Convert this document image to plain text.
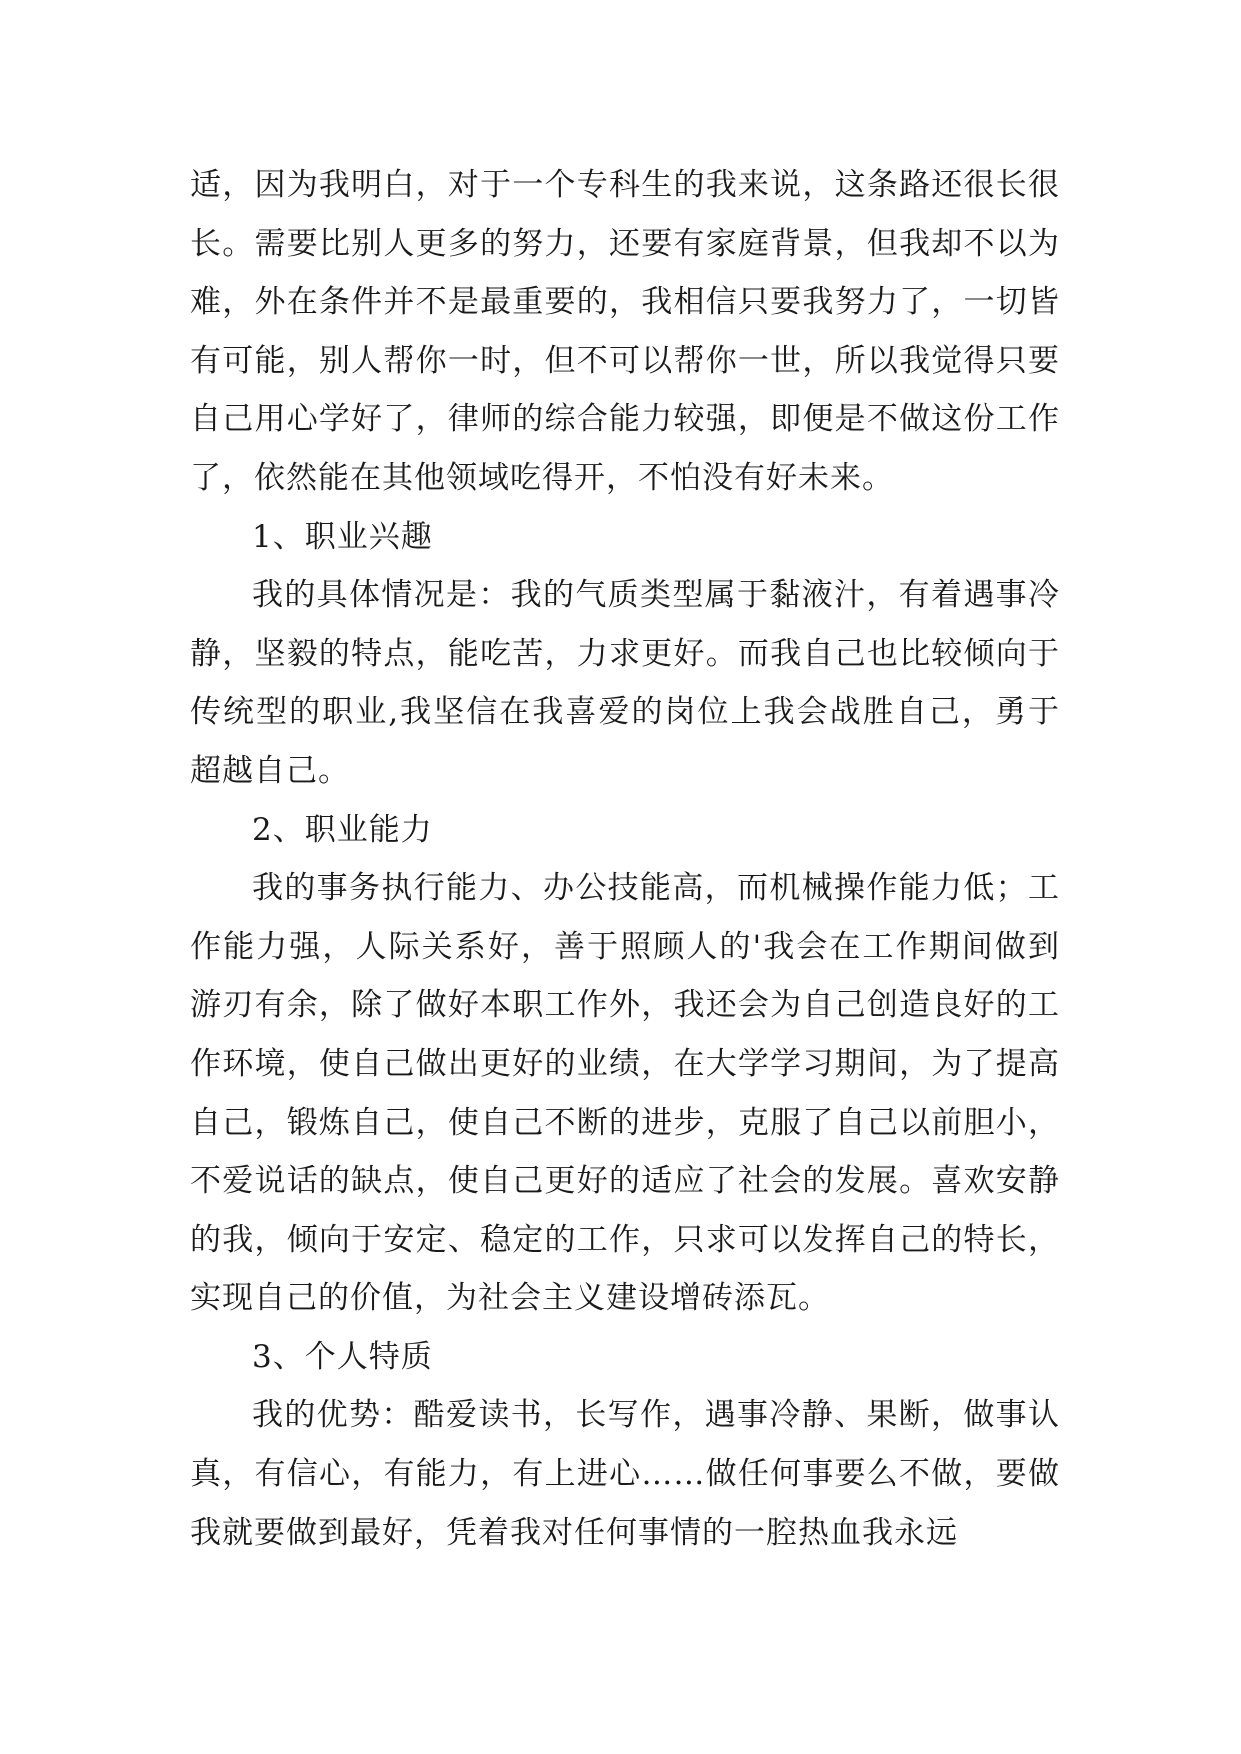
适，因为我明白，对于一个专科生的我来说，这条路还很长很长。需要比别人更多的努力，还要有家庭背景，但我却不以为难，外在条件并不是最重要的，我相信只要我努力了，一切皆有可能，别人帮你一时，但不可以帮你一世，所以我觉得只要自己用心学好了，律师的综合能力较强，即便是不做这份工作了，依然能在其他领域吃得开，不怕没有好未来。

1、职业兴趣

我的具体情况是：我的气质类型属于黏液汁，有着遇事冷静，坚毅的特点，能吃苦，力求更好。而我自己也比较倾向于传统型的职业,我坚信在我喜爱的岗位上我会战胜自己，勇于超越自己。

2、职业能力

我的事务执行能力、办公技能高，而机械操作能力低；工作能力强，人际关系好，善于照顾人的'我会在工作期间做到游刃有余，除了做好本职工作外，我还会为自己创造良好的工作环境，使自己做出更好的业绩，在大学学习期间，为了提高自己，锻炼自己，使自己不断的进步，克服了自己以前胆小，不爱说话的缺点，使自己更好的适应了社会的发展。喜欢安静的我，倾向于安定、稳定的工作，只求可以发挥自己的特长，实现自己的价值，为社会主义建设增砖添瓦。

3、个人特质

我的优势：酷爱读书，长写作，遇事冷静、果断，做事认真，有信心，有能力，有上进心……做任何事要么不做，要做我就要做到最好，凭着我对任何事情的一腔热血我永远
